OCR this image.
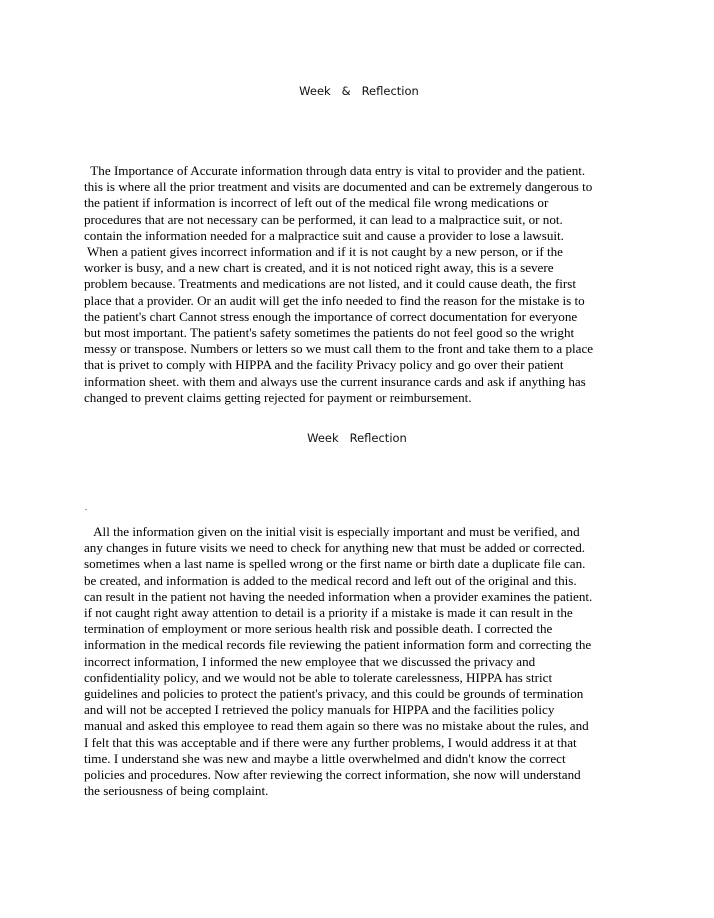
Week   &   Reflection
The Importance of Accurate information through data entry is vital to provider and the patient.
this is where all the prior treatment and visits are documented and can be extremely dangerous to
the patient if information is incorrect of left out of the medical file wrong medications or
procedures that are not necessary can be performed, it can lead to a malpractice suit, or not.
contain the information needed for a malpractice suit and cause a provider to lose a lawsuit.
When a patient gives incorrect information and if it is not caught by a new person, or if the
worker is busy, and a new chart is created, and it is not noticed right away, this is a severe
problem because. Treatments and medications are not listed, and it could cause death, the first
place that a provider. Or an audit will get the info needed to find the reason for the mistake is to
the patient's chart Cannot stress enough the importance of correct documentation for everyone
but most important. The patient's safety sometimes the patients do not feel good so the wright
messy or transpose. Numbers or letters so we must call them to the front and take them to a place
that is privet to comply with HIPPA and the facility Privacy policy and go over their patient
information sheet. with them and always use the current insurance cards and ask if anything has
changed to prevent claims getting rejected for payment or reimbursement.
Week   Reflection
.
All the information given on the initial visit is especially important and must be verified, and
any changes in future visits we need to check for anything new that must be added or corrected.
sometimes when a last name is spelled wrong or the first name or birth date a duplicate file can.
be created, and information is added to the medical record and left out of the original and this.
can result in the patient not having the needed information when a provider examines the patient.
if not caught right away attention to detail is a priority if a mistake is made it can result in the
termination of employment or more serious health risk and possible death. I corrected the
information in the medical records file reviewing the patient information form and correcting the
incorrect information, I informed the new employee that we discussed the privacy and
confidentiality policy, and we would not be able to tolerate carelessness, HIPPA has strict
guidelines and policies to protect the patient's privacy, and this could be grounds of termination
and will not be accepted I retrieved the policy manuals for HIPPA and the facilities policy
manual and asked this employee to read them again so there was no mistake about the rules, and
I felt that this was acceptable and if there were any further problems, I would address it at that
time. I understand she was new and maybe a little overwhelmed and didn't know the correct
policies and procedures. Now after reviewing the correct information, she now will understand
the seriousness of being complaint.
